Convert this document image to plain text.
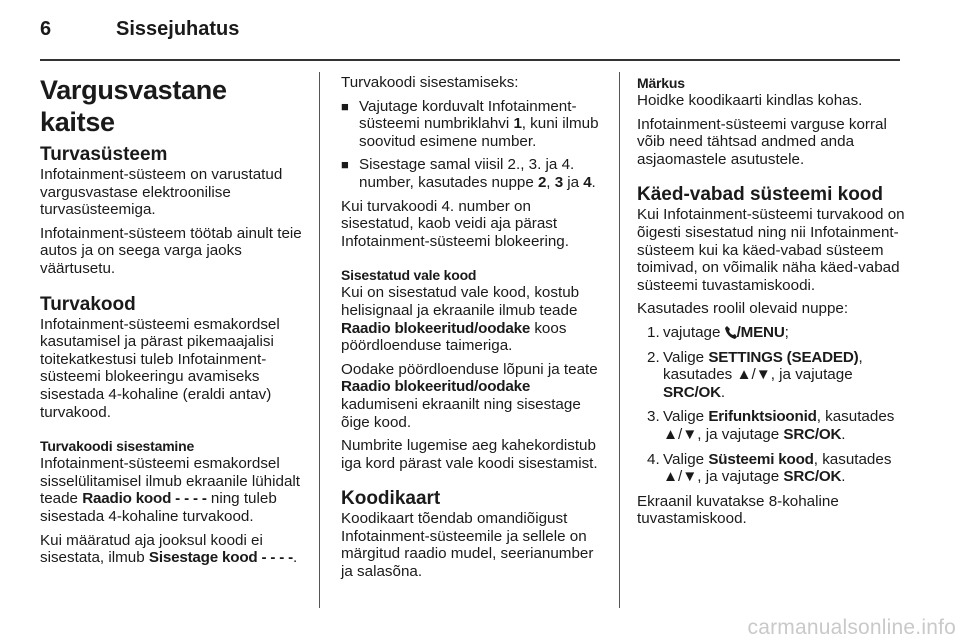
6	Sissejuhatus
Vargusvastane kaitse
Turvasüsteem

Infotainment-süsteem on varustatud vargusvastase elektroonilise turvasüsteemiga.

Infotainment-süsteem töötab ainult teie autos ja on seega varga jaoks väärtusetu.

Turvakood

Infotainment-süsteemi esmakordsel kasutamisel ja pärast pikemaajalisi toitekatkestusi tuleb Infotainment-süsteemi blokeeringu avamiseks sisestada 4-kohaline (eraldi antav) turvakood.

Turvakoodi sisestamine

Infotainment-süsteemi esmakordsel sisselülitamisel ilmub ekraanile lühidalt teade Raadio kood - - - - ning tuleb sisestada 4-kohaline turvakood.

Kui määratud aja jooksul koodi ei sisestata, ilmub Sisestage kood - - - -.

Turvakoodi sisestamiseks:

■ Vajutage korduvalt Infotainment-süsteemi numbriklahvi 1, kuni ilmub soovitud esimene number.
■ Sisestage samal viisil 2., 3. ja 4. number, kasutades nuppe 2, 3 ja 4.

Kui turvakoodi 4. number on sisestatud, kaob veidi aja pärast Infotainment-süsteemi blokeering.

Sisestatud vale kood

Kui on sisestatud vale kood, kostub helisignaal ja ekraanile ilmub teade Raadio blokeeritud/oodake koos pöördloenduse taimeriga.

Oodake pöördloenduse lõpuni ja teate Raadio blokeeritud/oodake kadumiseni ekraanilt ning sisestage õige kood.

Numbrite lugemise aeg kahekordistub iga kord pärast vale koodi sisestamist.

Koodikaart

Koodikaart tõendab omandiõigust Infotainment-süsteemile ja sellele on märgitud raadio mudel, seerianumber ja salasõna.

Märkus

Hoidke koodikaarti kindlas kohas.

Infotainment-süsteemi varguse korral võib need tähtsad andmed anda asjaomastele asutustele.

Käed-vabad süsteemi kood

Kui Infotainment-süsteemi turvakood on õigesti sisestatud ning nii Infotainment-süsteem kui ka käed-vabad süsteem toimivad, on võimalik näha käed-vabad süsteemi tuvastamiskoodi.

Kasutades roolil olevaid nuppe:

1. vajutage /MENU;
2. Valige SETTINGS (SEADED), kasutades ▲/▼, ja vajutage SRC/OK.
3. Valige Erifunktsioonid, kasutades ▲/▼, ja vajutage SRC/OK.
4. Valige Süsteemi kood, kasutades ▲/▼, ja vajutage SRC/OK.

Ekraanil kuvatakse 8-kohaline tuvastamiskood.

carmanualsonline.info
